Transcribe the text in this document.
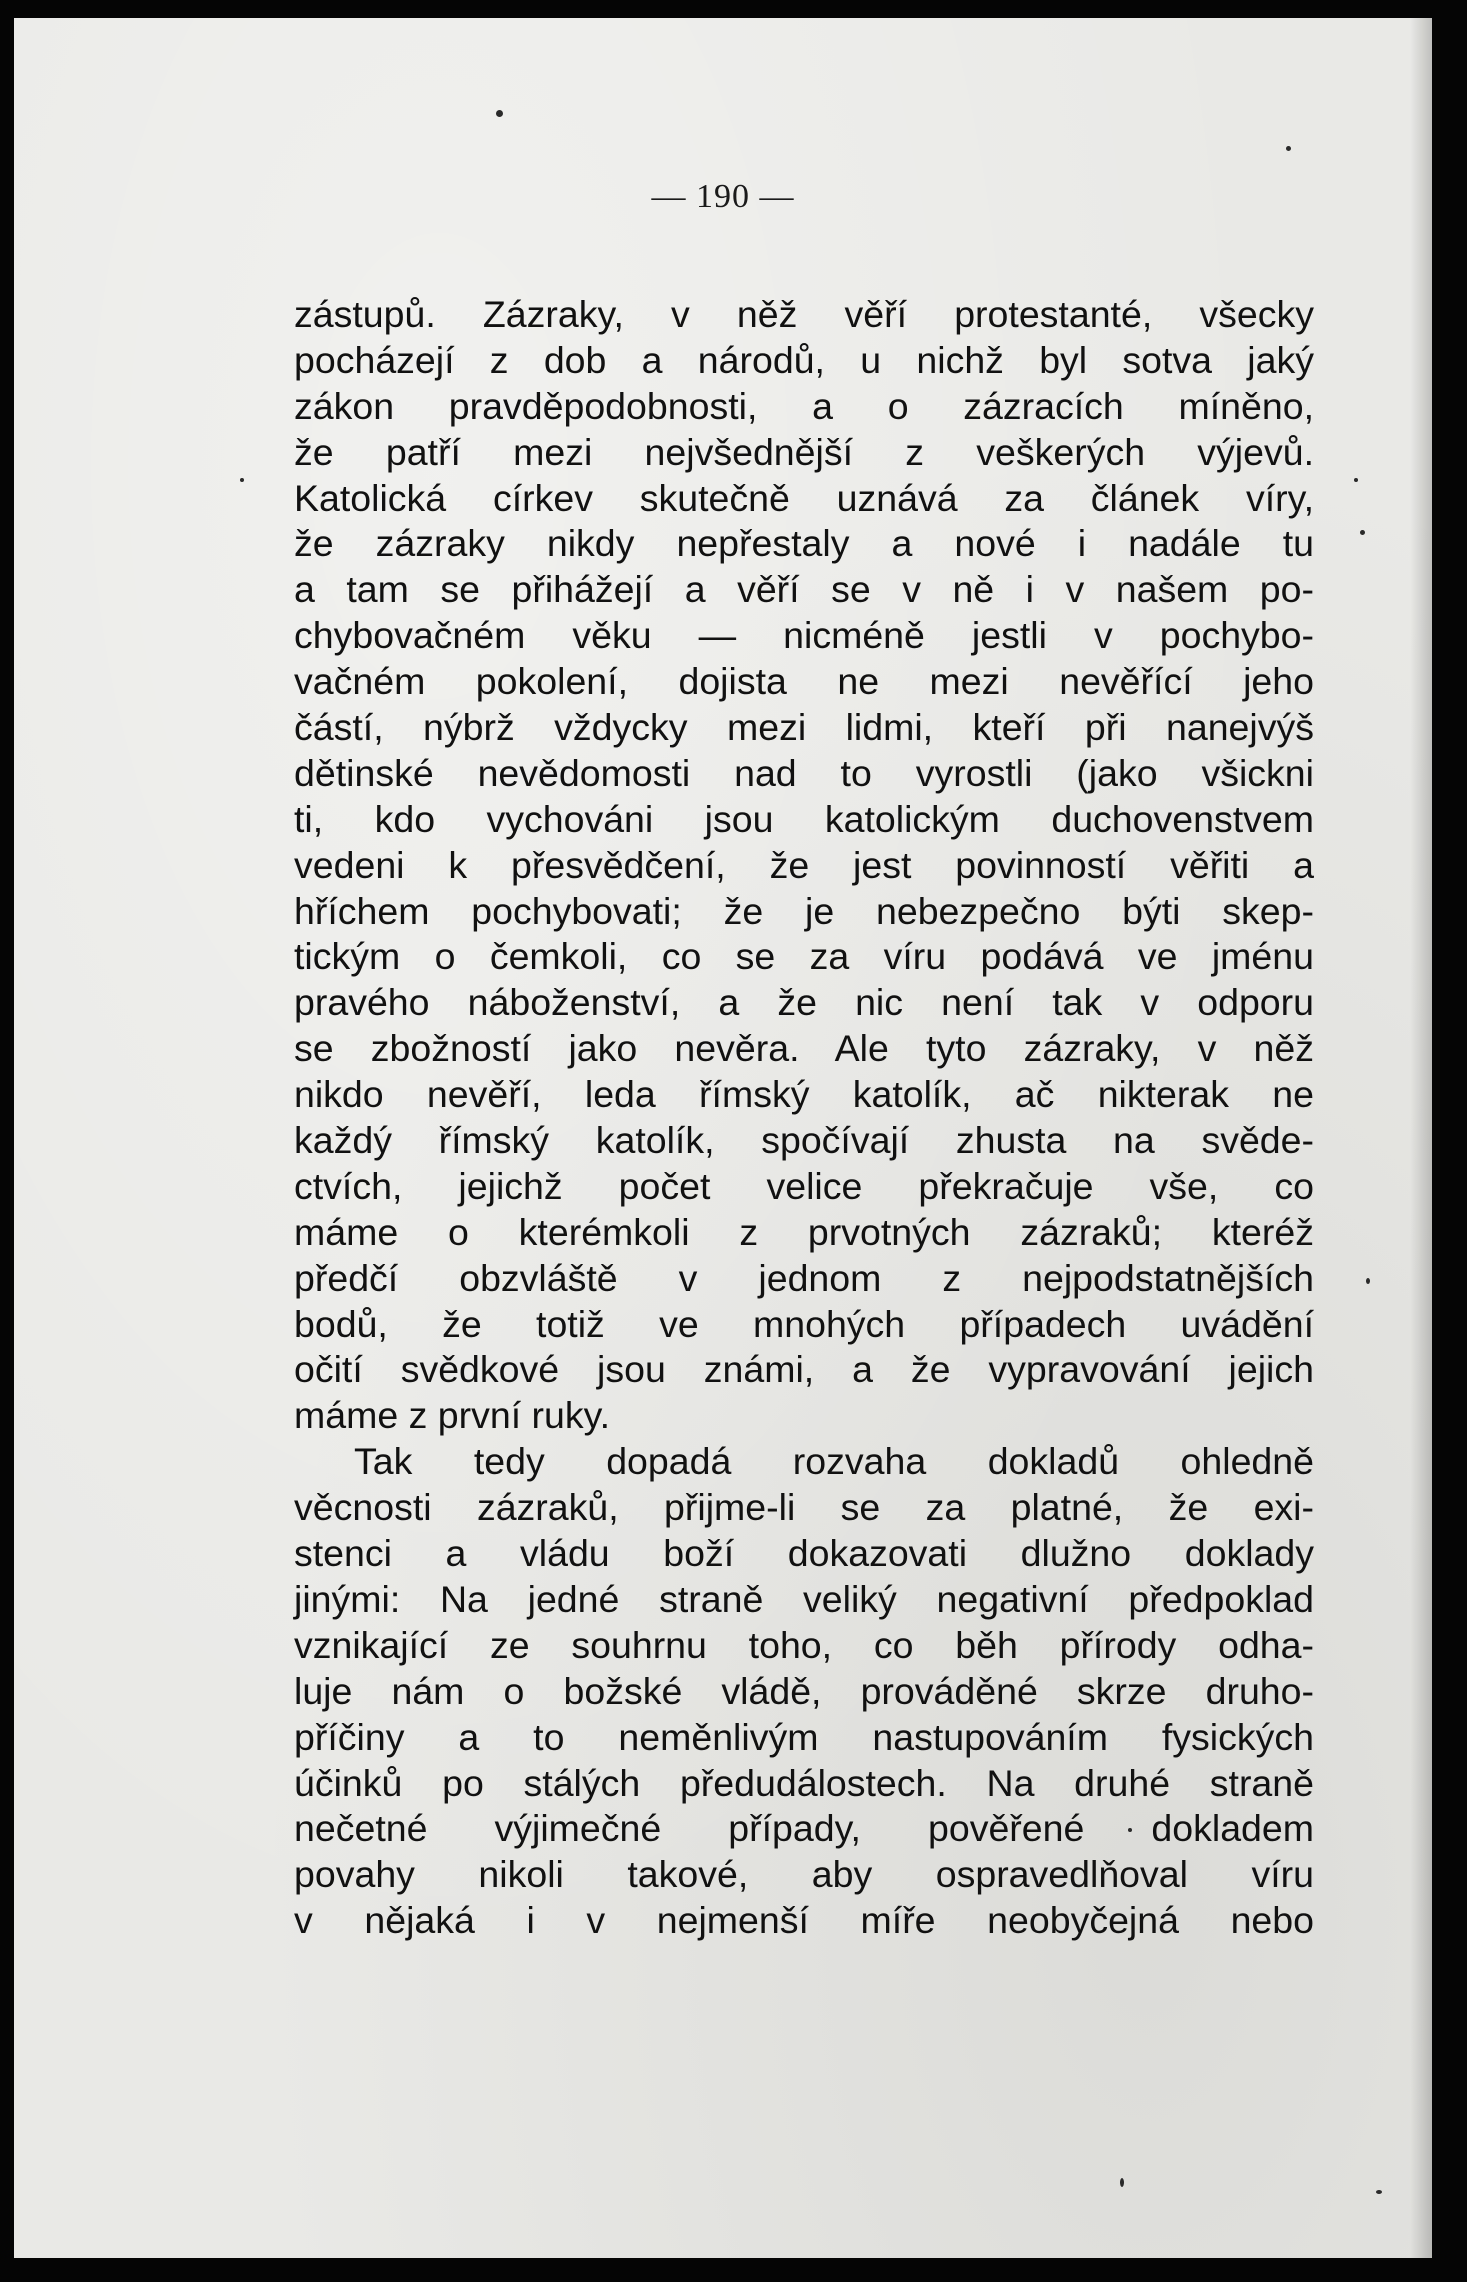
— 190 —
zástupů. Zázraky, v něž věří protestanté, všecky
pocházejí z dob a národů, u nichž byl sotva jaký
zákon pravděpodobnosti, a o zázracích míněno,
že patří mezi nejvšednější z veškerých výjevů.
Katolická církev skutečně uznává za článek víry,
že zázraky nikdy nepřestaly a nové i nadále tu
a tam se přihážejí a věří se v ně i v našem po-
chybovačném věku — nicméně jestli v pochybo-
vačném pokolení, dojista ne mezi nevěřící jeho
částí, nýbrž vždycky mezi lidmi, kteří při nanejvýš
dětinské nevědomosti nad to vyrostli (jako všickni
ti, kdo vychováni jsou katolickým duchovenstvem
vedeni k přesvědčení, že jest povinností věřiti a
hříchem pochybovati; že je nebezpečno býti skep-
tickým o čemkoli, co se za víru podává ve jménu
pravého náboženství, a že nic není tak v odporu
se zbožností jako nevěra. Ale tyto zázraky, v něž
nikdo nevěří, leda římský katolík, ač nikterak ne
každý římský katolík, spočívají zhusta na svěde-
ctvích, jejichž počet velice překračuje vše, co
máme o kterémkoli z prvotných zázraků; kteréž
předčí obzvláště v jednom z nejpodstatnějších
bodů, že totiž ve mnohých případech uvádění
očití svědkové jsou známi, a že vypravování jejich
máme z první ruky.
Tak tedy dopadá rozvaha dokladů ohledně
věcnosti zázraků, přijme-li se za platné, že exi-
stenci a vládu boží dokazovati dlužno doklady
jinými: Na jedné straně veliký negativní předpoklad
vznikající ze souhrnu toho, co běh přírody odha-
luje nám o božské vládě, prováděné skrze druho-
příčiny a to neměnlivým nastupováním fysických
účinků po stálých předudálostech. Na druhé straně
nečetné výjimečné případy, pověřené dokladem
povahy nikoli takové, aby ospravedlňoval víru
v nějaká i v nejmenší míře neobyčejná nebo
